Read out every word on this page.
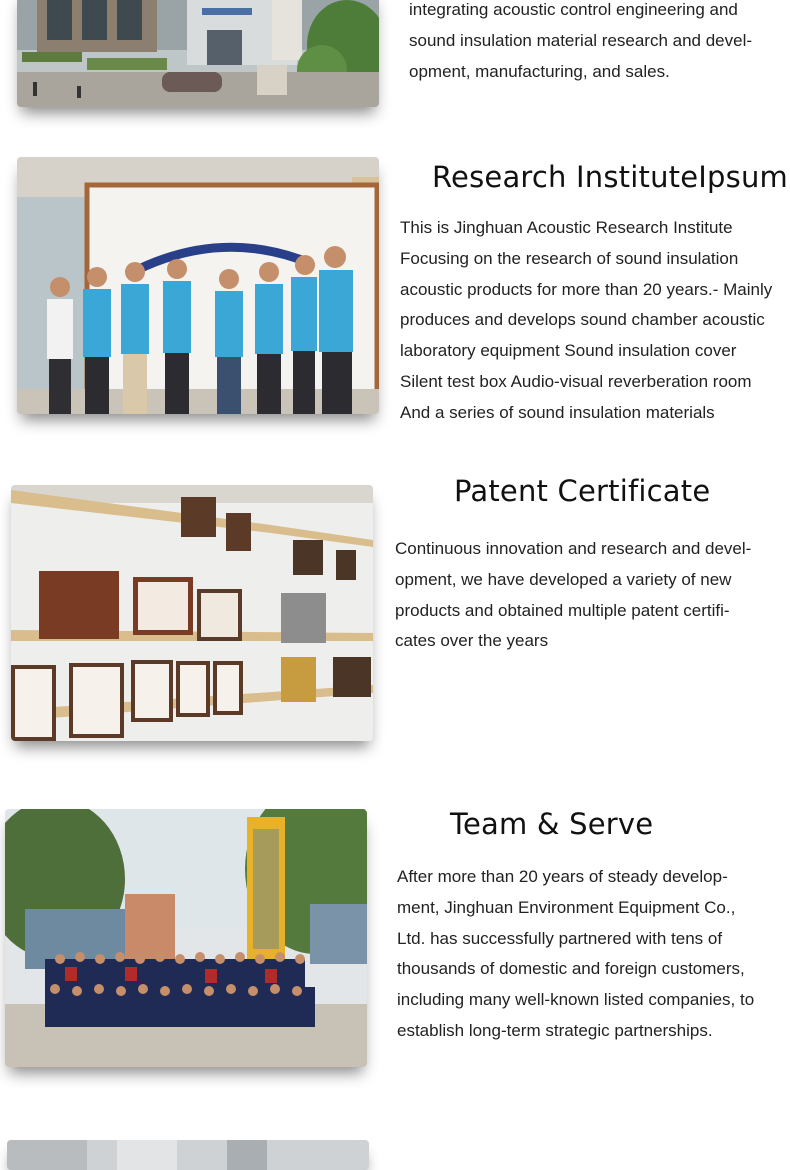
integrating acoustic control engineering and sound insulation material research and devel-opment, manufacturing, and sales.

Research InstituteIpsum

This is Jinghuan Acoustic Research Institute Focusing on the research of sound insulation acoustic products for more than 20 years.- Mainly produces and develops sound chamber acoustic laboratory equipment Sound insulation cover Silent test box Audio-visual reverberation room And a series of sound insulation materials

Patent Certificate

Continuous innovation and research and devel-opment, we have developed a variety of new products and obtained multiple patent certifi-cates over the years

Team & Serve

After more than 20 years of steady develop-ment, Jinghuan Environment Equipment Co., Ltd. has successfully partnered with tens of thousands of domestic and foreign customers, including many well-known listed companies, to establish long-term strategic partnerships.
